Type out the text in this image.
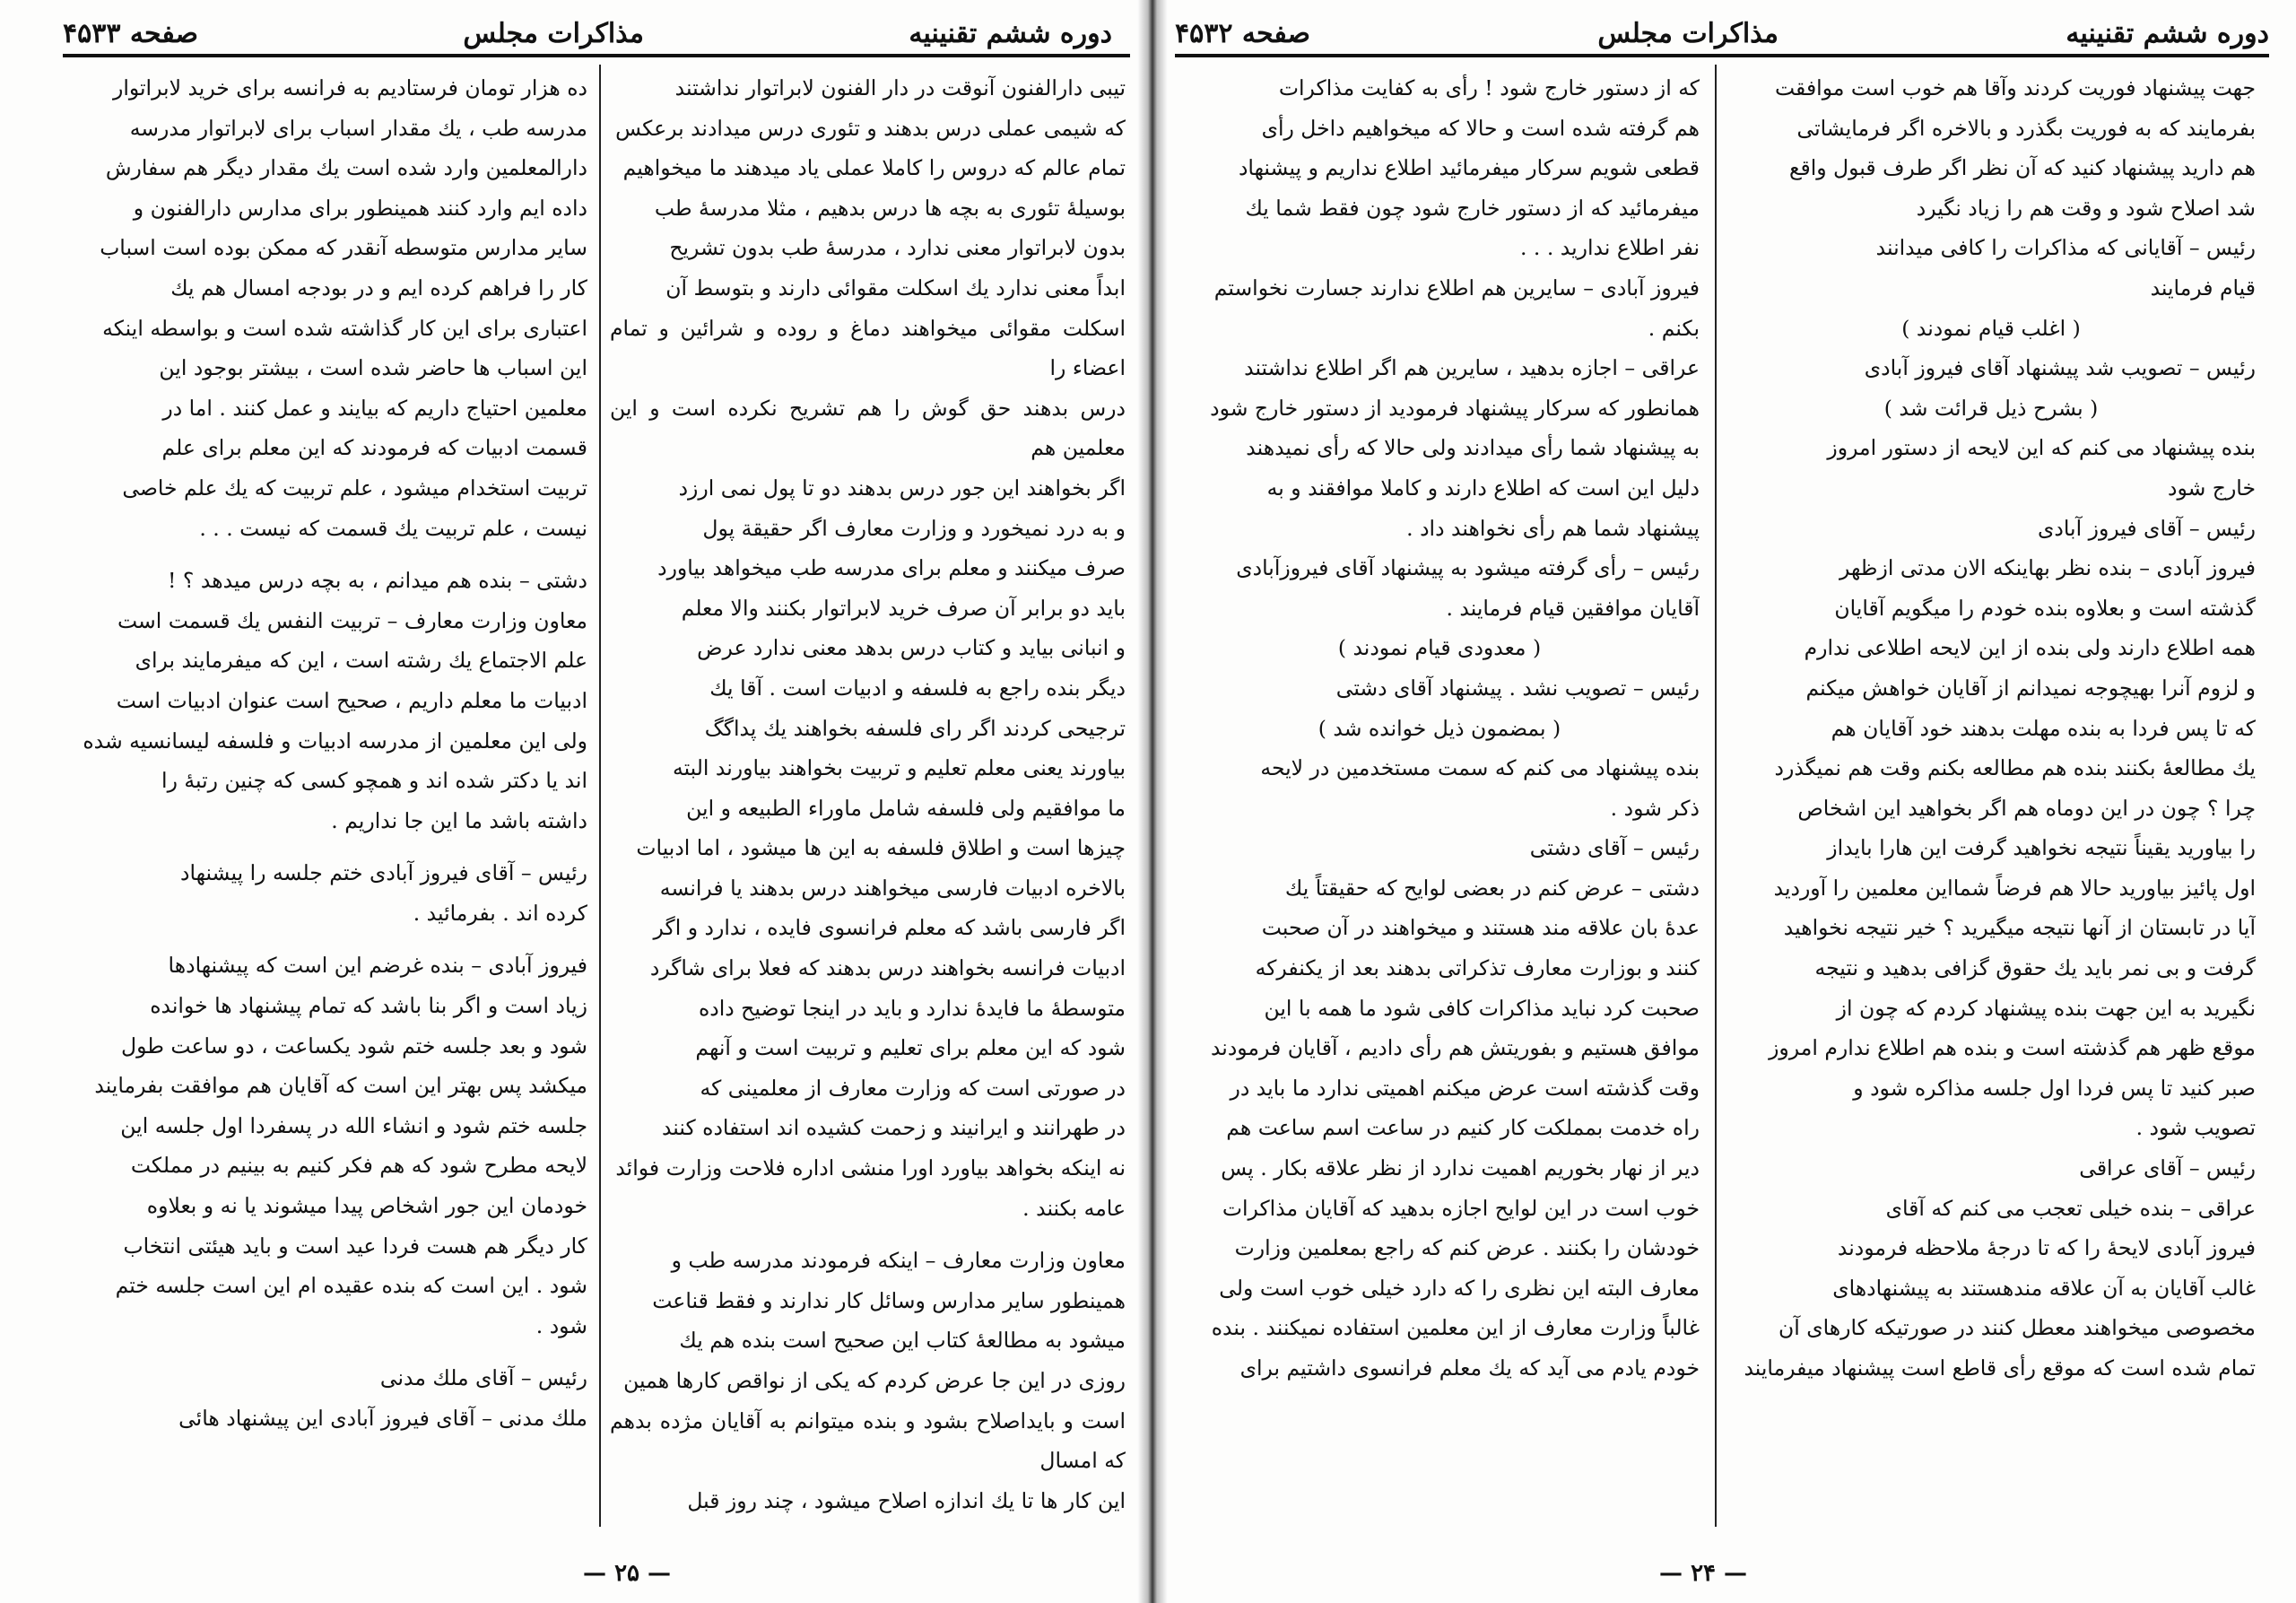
دوره ششم تقنینیه
مذاکرات مجلس
صفحه ۴۵۳۳

تیبی دارالفنون آنوقت در دار الفنون لابراتوار نداشتند

که شیمی عملی درس بدهند و تئوری درس میدادند برعکس

تمام عالم که دروس را کاملا عملی یاد میدهند ما میخواهیم

بوسیلهٔ تئوری به بچه ها درس بدهیم ، مثلا مدرسهٔ طب

بدون لابراتوار معنی ندارد ، مدرسهٔ طب بدون تشریح

ابداً معنی ندارد یك اسکلت مقوائی دارند و بتوسط آن

اسکلت مقوائی میخواهند دماغ و روده و شرائین و تمام اعضاء را

درس بدهند حق گوش را هم تشریح نکرده است و این معلمین هم

اگر بخواهند این جور درس بدهند دو تا پول نمی ارزد

و به درد نمیخورد و وزارت معارف اگر حقیقة پول

صرف میکنند و معلم برای مدرسه طب میخواهد بیاورد

باید دو برابر آن صرف خرید لابراتوار بکنند والا معلم

و انبانی بیاید و کتاب درس بدهد معنی ندارد عرض

دیگر بنده راجع به فلسفه و ادبیات است . آقا یك

ترجیحی کردند اگر رای فلسفه بخواهند یك پداگگ

بیاورند یعنی معلم تعلیم و تربیت بخواهند بیاورند البته

ما موافقیم ولی فلسفه شامل ماوراء الطبیعه و این

چیزها است و اطلاق فلسفه به این ها میشود ، اما ادبیات

بالاخره ادبیات فارسی میخواهند درس بدهند یا فرانسه

اگر فارسی باشد که معلم فرانسوی فایده ، ندارد و اگر

ادبیات فرانسه بخواهند درس بدهند که فعلا برای شاگرد

متوسطهٔ ما فایدهٔ ندارد و باید در اینجا توضیح داده

شود که این معلم برای تعلیم و تربیت است و آنهم

در صورتی است که وزارت معارف از معلمینی که

در طهرانند و ایرانیند و زحمت کشیده اند استفاده کنند

نه اینکه بخواهد بیاورد اورا منشی اداره فلاحت وزارت فوائد

عامه بکنند .

معاون وزارت معارف – اینکه فرمودند مدرسه طب و

همینطور سایر مدارس وسائل کار ندارند و فقط قناعت

میشود به مطالعهٔ کتاب این صحیح است بنده هم یك

روزی در این جا عرض کردم که یکی از نواقص کارها همین

است و بایداصلاح بشود و بنده میتوانم به آقایان مژده بدهم که امسال

این کار ها تا یك اندازه اصلاح میشود ، چند روز قبل

ده هزار تومان فرستادیم به فرانسه برای خرید لابراتوار

مدرسه طب ، یك مقدار اسباب برای لابراتوار مدرسه

دارالمعلمین وارد شده است یك مقدار دیگر هم سفارش

داده ایم وارد کنند همینطور برای مدارس دارالفنون و

سایر مدارس متوسطه آنقدر که ممکن بوده است اسباب

کار را فراهم کرده ایم و در بودجه امسال هم یك

اعتباری برای این کار گذاشته شده است و بواسطه اینکه

این اسباب ها حاضر شده است ، بیشتر بوجود این

معلمین احتیاج داریم که بیایند و عمل کنند . اما در

قسمت ادبیات که فرمودند که این معلم برای علم

تربیت استخدام میشود ، علم تربیت که یك علم خاصی

نیست ، علم تربیت یك قسمت که نیست . . .

دشتی – بنده هم میدانم ، به بچه درس میدهد ؟ !

معاون وزارت معارف – تربیت النفس یك قسمت است

علم الاجتماع یك رشته است ، این که میفرمایند برای

ادبیات ما معلم داریم ، صحیح است عنوان ادبیات است

ولی این معلمین از مدرسه ادبیات و فلسفه لیسانسیه شده

اند یا دکتر شده اند و همچو کسی که چنین رتبهٔ را

داشته باشد ما این جا نداریم .

رئیس – آقای فیروز آبادی ختم جلسه را پیشنهاد

کرده اند . بفرمائید .

فیروز آبادی – بنده غرضم این است که پیشنهادها

زیاد است و اگر بنا باشد که تمام پیشنهاد ها خوانده

شود و بعد جلسه ختم شود یکساعت ، دو ساعت طول

میکشد پس بهتر این است که آقایان هم موافقت بفرمایند

جلسه ختم شود و انشاء الله در پسفردا اول جلسه این

لایحه مطرح شود که هم فکر کنیم به بینیم در مملکت

خودمان این جور اشخاص پیدا میشوند یا نه و بعلاوه

کار دیگر هم هست فردا عید است و باید هیئتی انتخاب

شود . این است که بنده عقیده ام این است جلسه ختم

شود .

رئیس – آقای ملك مدنی

ملك مدنی – آقای فیروز آبادی این پیشنهاد هائی

— ۲۵ —
دوره ششم تقنینیه
مذاکرات مجلس
صفحه ۴۵۳۲

جهت پیشنهاد فوریت کردند وآقا هم خوب است موافقت

بفرمایند که به فوریت بگذرد و بالاخره اگر فرمایشاتی

هم دارید پیشنهاد کنید که آن نظر اگر طرف قبول واقع

شد اصلاح شود و وقت هم را زیاد نگیرد

رئیس – آقایانی که مذاکرات را کافی میدانند

قیام فرمایند

( اغلب قیام نمودند )

رئیس – تصویب شد پیشنهاد آقای فیروز آبادی

( بشرح ذیل قرائت شد )

بنده پیشنهاد می کنم که این لایحه از دستور امروز

خارج شود

رئیس – آقای فیروز آبادی

فیروز آبادی – بنده نظر بهاینکه الان مدتی ازظهر

گذشته است و بعلاوه بنده خودم را میگویم آقایان

همه اطلاع دارند ولی بنده از این لایحه اطلاعی ندارم

و لزوم آنرا بهیچوجه نمیدانم از آقایان خواهش میکنم

که تا پس فردا به بنده مهلت بدهند خود آقایان هم

یك مطالعهٔ بکنند بنده هم مطالعه بکنم وقت هم نمیگذرد

چرا ؟ چون در این دوماه هم اگر بخواهید این اشخاص

را بیاورید یقیناً نتیجه نخواهید گرفت این هارا بایداز

اول پائیز بیاورید حالا هم فرضاً شمااین معلمین را آوردید

آیا در تابستان از آنها نتیجه میگیرید ؟ خیر نتیجه نخواهید

گرفت و بی نمر باید یك حقوق گزافی بدهید و نتیجه

نگیرید به این جهت بنده پیشنهاد کردم که چون از

موقع ظهر هم گذشته است و بنده هم اطلاع ندارم امروز

صبر کنید تا پس فردا اول جلسه مذاکره شود و

تصویب شود .

رئیس – آقای عراقی

عراقی – بنده خیلی تعجب می کنم که آقای

فیروز آبادی لایحهٔ را که تا درجهٔ ملاحظه فرمودند

غالب آقایان به آن علاقه مندهستند به پیشنهادهای

مخصوصی میخواهند معطل کنند در صورتیکه کارهای آن

تمام شده است که موقع رأی قاطع است پیشنهاد میفرمایند

که از دستور خارج شود ! رأی به کفایت مذاکرات

هم گرفته شده است و حالا که میخواهیم داخل رأی

قطعی شویم سرکار میفرمائید اطلاع نداریم و پیشنهاد

میفرمائید که از دستور خارج شود چون فقط شما یك

نفر اطلاع ندارید . . .

فیروز آبادی – سایرین هم اطلاع ندارند جسارت نخواستم

بکنم .

عراقی – اجازه بدهید ، سایرین هم اگر اطلاع نداشتند

همانطور که سرکار پیشنهاد فرمودید از دستور خارج شود

به پیشنهاد شما رأی میدادند ولی حالا که رأی نمیدهند

دلیل این است که اطلاع دارند و کاملا موافقند و به

پیشنهاد شما هم رأی نخواهند داد .

رئیس – رأی گرفته میشود به پیشنهاد آقای فیروزآبادی

آقایان موافقین قیام فرمایند .

( معدودی قیام نمودند )

رئیس – تصویب نشد . پیشنهاد آقای دشتی

( بمضمون ذیل خوانده شد )

بنده پیشنهاد می کنم که سمت مستخدمین در لایحه

ذکر شود .

رئیس – آقای دشتی

دشتی – عرض کنم در بعضی لوایح که حقیقتاً یك

عدهٔ بان علاقه مند هستند و میخواهند در آن صحبت

کنند و بوزارت معارف تذکراتی بدهند بعد از یکنفرکه

صحبت کرد نباید مذاکرات کافی شود ما همه با این

موافق هستیم و بفوریتش هم رأی دادیم ، آقایان فرمودند

وقت گذشته است عرض میکنم اهمیتی ندارد ما باید در

راه خدمت بمملکت کار کنیم در ساعت اسم ساعت هم

دیر از نهار بخوریم اهمیت ندارد از نظر علاقه بکار . پس

خوب است در این لوایح اجازه بدهید که آقایان مذاکرات

خودشان را بکنند . عرض کنم که راجع بمعلمین وزارت

معارف البته این نظری را که دارد خیلی خوب است ولی

غالباً وزارت معارف از این معلمین استفاده نمیکنند . بنده

خودم یادم می آید که یك معلم فرانسوی داشتیم برای

— ۲۴ —
